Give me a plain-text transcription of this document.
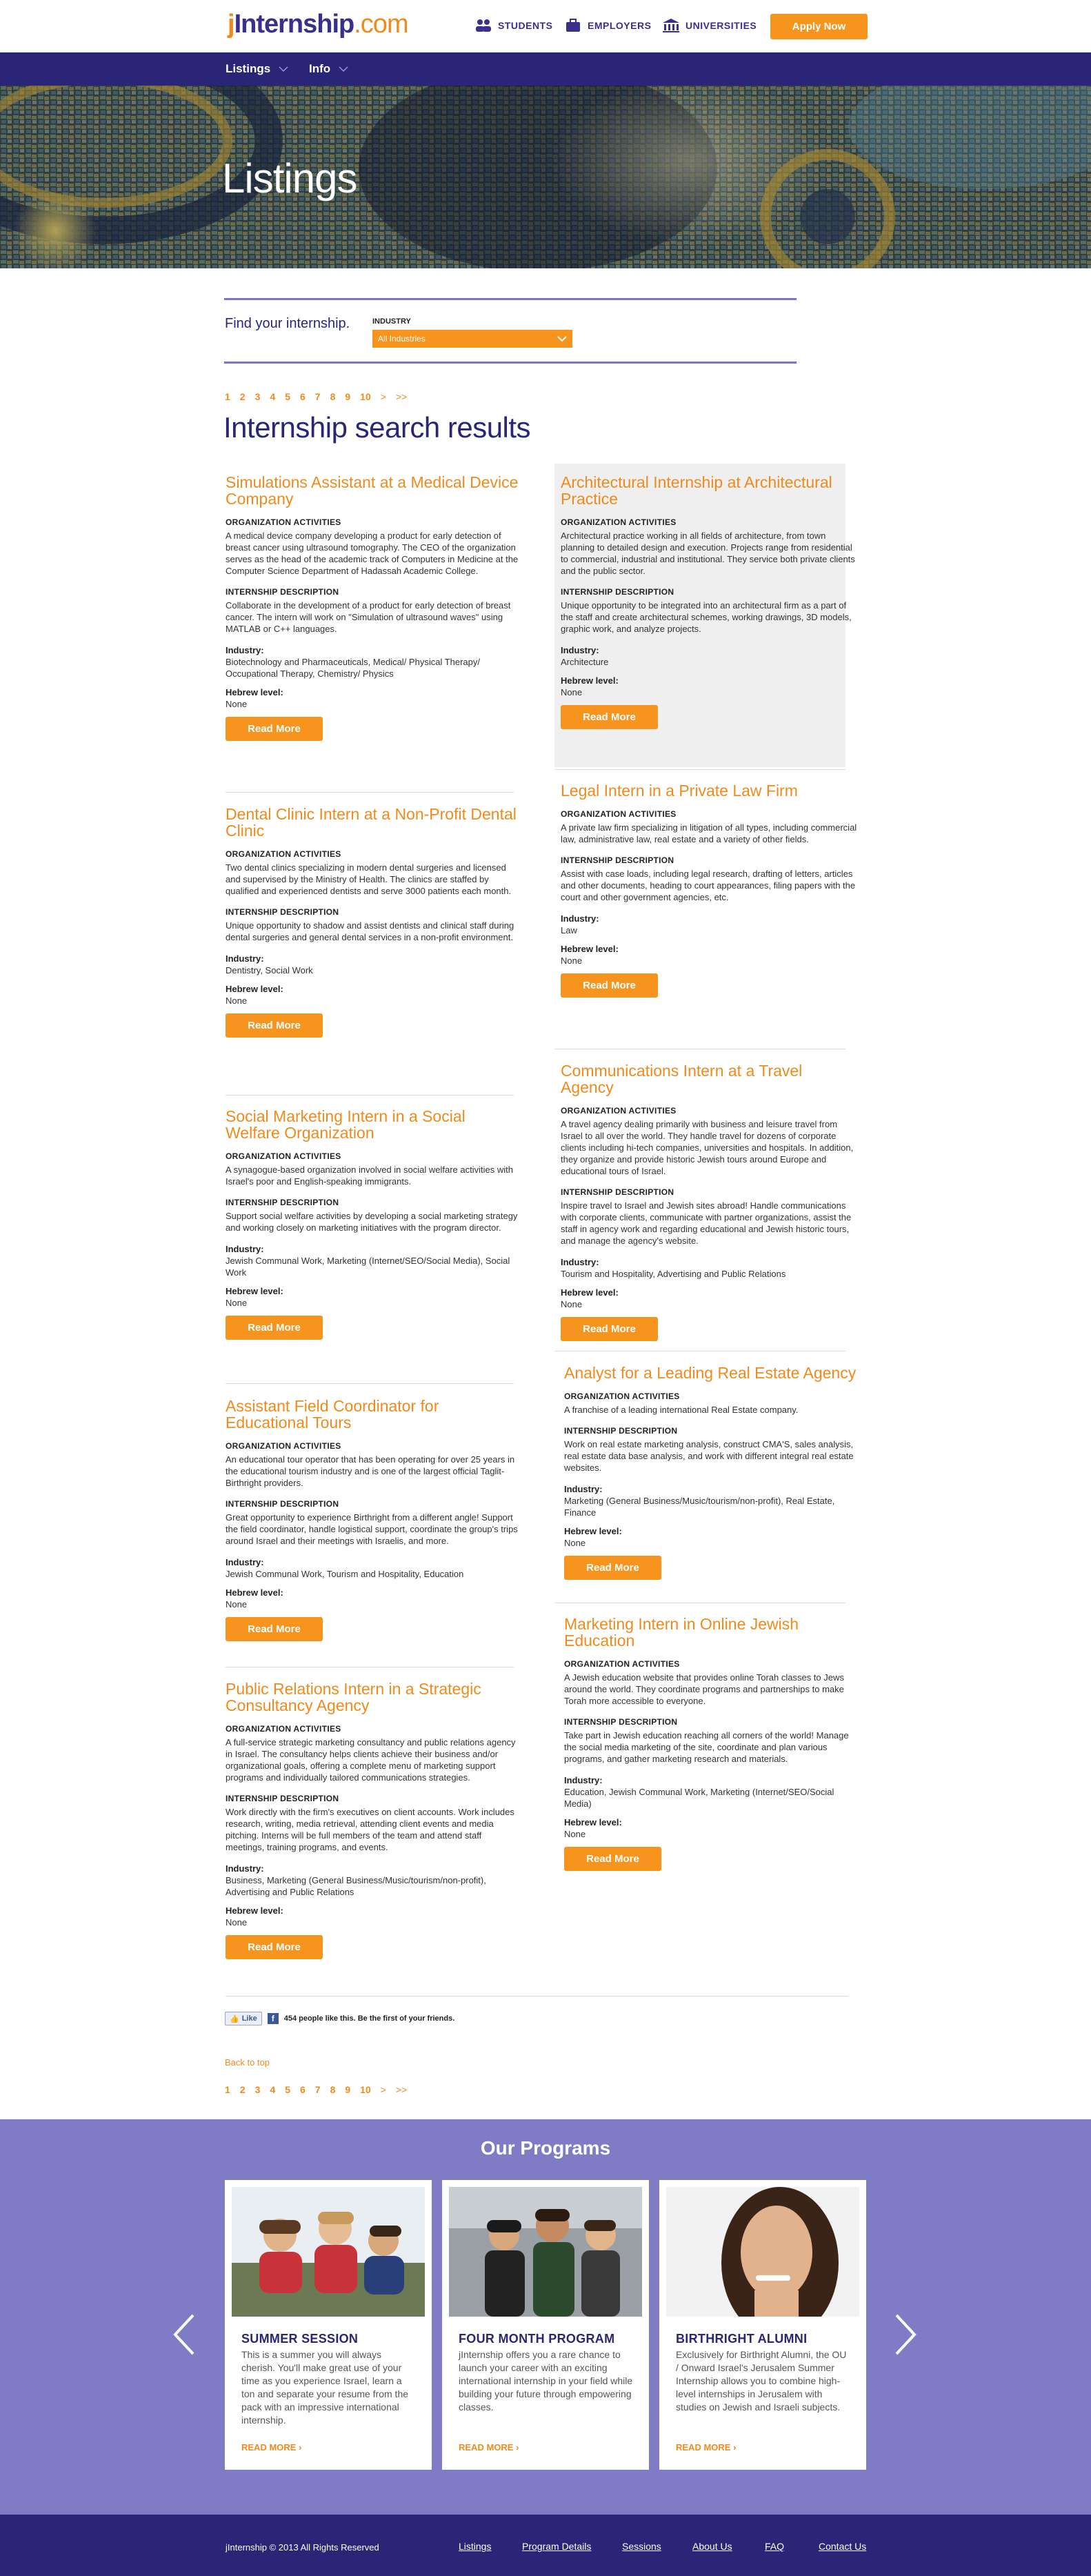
jInternship.com	STUDENTS	EMPLOYERS	UNIVERSITIES	Apply Now
Listings	Info
Listings
Find your internship.	INDUSTRY
All Industries
1 2 3 4 5 6 7 8 9 10 > >>
Internship search results
Simulations Assistant at a Medical Device Company
ORGANIZATION ACTIVITIES

A medical device company developing a product for early detection of breast cancer using ultrasound tomography. The CEO of the organization serves as the head of the academic track of Computers in Medicine at the Computer Science Department of Hadassah Academic College.

INTERNSHIP DESCRIPTION

Collaborate in the development of a product for early detection of breast cancer. The intern will work on "Simulation of ultrasound waves" using MATLAB or C++ languages.

Industry:
Biotechnology and Pharmaceuticals, Medical/ Physical Therapy/ Occupational Therapy, Chemistry/ Physics
Hebrew level:
None
Read More
Dental Clinic Intern at a Non-Profit Dental Clinic
ORGANIZATION ACTIVITIES

Two dental clinics specializing in modern dental surgeries and licensed and supervised by the Ministry of Health. The clinics are staffed by qualified and experienced dentists and serve 3000 patients each month.

INTERNSHIP DESCRIPTION

Unique opportunity to shadow and assist dentists and clinical staff during dental surgeries and general dental services in a non-profit environment.

Industry:
Dentistry, Social Work
Hebrew level:
None
Read More
Social Marketing Intern in a Social Welfare Organization
ORGANIZATION ACTIVITIES

A synagogue-based organization involved in social welfare activities with Israel's poor and English-speaking immigrants.

INTERNSHIP DESCRIPTION

Support social welfare activities by developing a social marketing strategy and working closely on marketing initiatives with the program director.

Industry:
Jewish Communal Work, Marketing (Internet/SEO/Social Media), Social Work
Hebrew level:
None
Read More
Assistant Field Coordinator for Educational Tours
ORGANIZATION ACTIVITIES

An educational tour operator that has been operating for over 25 years in the educational tourism industry and is one of the largest official Taglit-Birthright providers.

INTERNSHIP DESCRIPTION

Great opportunity to experience Birthright from a different angle! Support the field coordinator, handle logistical support, coordinate the group's trips around Israel and their meetings with Israelis, and more.

Industry:
Jewish Communal Work, Tourism and Hospitality, Education
Hebrew level:
None
Read More
Public Relations Intern in a Strategic Consultancy Agency
ORGANIZATION ACTIVITIES

A full-service strategic marketing consultancy and public relations agency in Israel. The consultancy helps clients achieve their business and/or organizational goals, offering a complete menu of marketing support programs and individually tailored communications strategies.

INTERNSHIP DESCRIPTION

Work directly with the firm's executives on client accounts. Work includes research, writing, media retrieval, attending client events and media pitching. Interns will be full members of the team and attend staff meetings, training programs, and events.

Industry:
Business, Marketing (General Business/Music/tourism/non-profit), Advertising and Public Relations
Hebrew level:
None
Read More
Architectural Internship at Architectural Practice
ORGANIZATION ACTIVITIES

Architectural practice working in all fields of architecture, from town planning to detailed design and execution. Projects range from residential to commercial, industrial and institutional. They service both private clients and the public sector.

INTERNSHIP DESCRIPTION

Unique opportunity to be integrated into an architectural firm as a part of the staff and create architectural schemes, working drawings, 3D models, graphic work, and analyze projects.

Industry:
Architecture
Hebrew level:
None
Read More
Legal Intern in a Private Law Firm
ORGANIZATION ACTIVITIES

A private law firm specializing in litigation of all types, including commercial law, administrative law, real estate and a variety of other fields.

INTERNSHIP DESCRIPTION

Assist with case loads, including legal research, drafting of letters, articles and other documents, heading to court appearances, filing papers with the court and other government agencies, etc.

Industry:
Law
Hebrew level:
None
Read More
Communications Intern at a Travel Agency
ORGANIZATION ACTIVITIES

A travel agency dealing primarily with business and leisure travel from Israel to all over the world. They handle travel for dozens of corporate clients including hi-tech companies, universities and hospitals. In addition, they organize and provide historic Jewish tours around Europe and educational tours of Israel.

INTERNSHIP DESCRIPTION

Inspire travel to Israel and Jewish sites abroad! Handle communications with corporate clients, communicate with partner organizations, assist the staff in agency work and regarding educational and Jewish historic tours, and manage the agency's website.

Industry:
Tourism and Hospitality, Advertising and Public Relations
Hebrew level:
None
Read More
Analyst for a Leading Real Estate Agency
ORGANIZATION ACTIVITIES

A franchise of a leading international Real Estate company.

INTERNSHIP DESCRIPTION

Work on real estate marketing analysis, construct CMA'S, sales analysis, real estate data base analysis, and work with different integral real estate websites.

Industry:
Marketing (General Business/Music/tourism/non-profit), Real Estate, Finance
Hebrew level:
None
Read More
Marketing Intern in Online Jewish Education
ORGANIZATION ACTIVITIES

A Jewish education website that provides online Torah classes to Jews around the world. They coordinate programs and partnerships to make Torah more accessible to everyone.

INTERNSHIP DESCRIPTION

Take part in Jewish education reaching all corners of the world! Manage the social media marketing of the site, coordinate and plan various programs, and gather marketing research and materials.

Industry:
Education, Jewish Communal Work, Marketing (Internet/SEO/Social Media)
Hebrew level:
None
Read More
👍 Like	f	454 people like this. Be the first of your friends.
Back to top
1 2 3 4 5 6 7 8 9 10 > >>
Our Programs
SUMMER SESSION
This is a summer you will always cherish. You'll make great use of your time as you experience Israel, learn a ton and separate your resume from the pack with an impressive international internship.
READ MORE ›
FOUR MONTH PROGRAM
jInternship offers you a rare chance to launch your career with an exciting international internship in your field while building your future through empowering classes.
READ MORE ›
BIRTHRIGHT ALUMNI
Exclusively for Birthright Alumni, the OU / Onward Israel's Jerusalem Summer Internship allows you to combine high-level internships in Jerusalem with studies on Jewish and Israeli subjects.
READ MORE ›
jInternship © 2013 All Rights Reserved	Listings	Program Details	Sessions	About Us	FAQ	Contact Us
